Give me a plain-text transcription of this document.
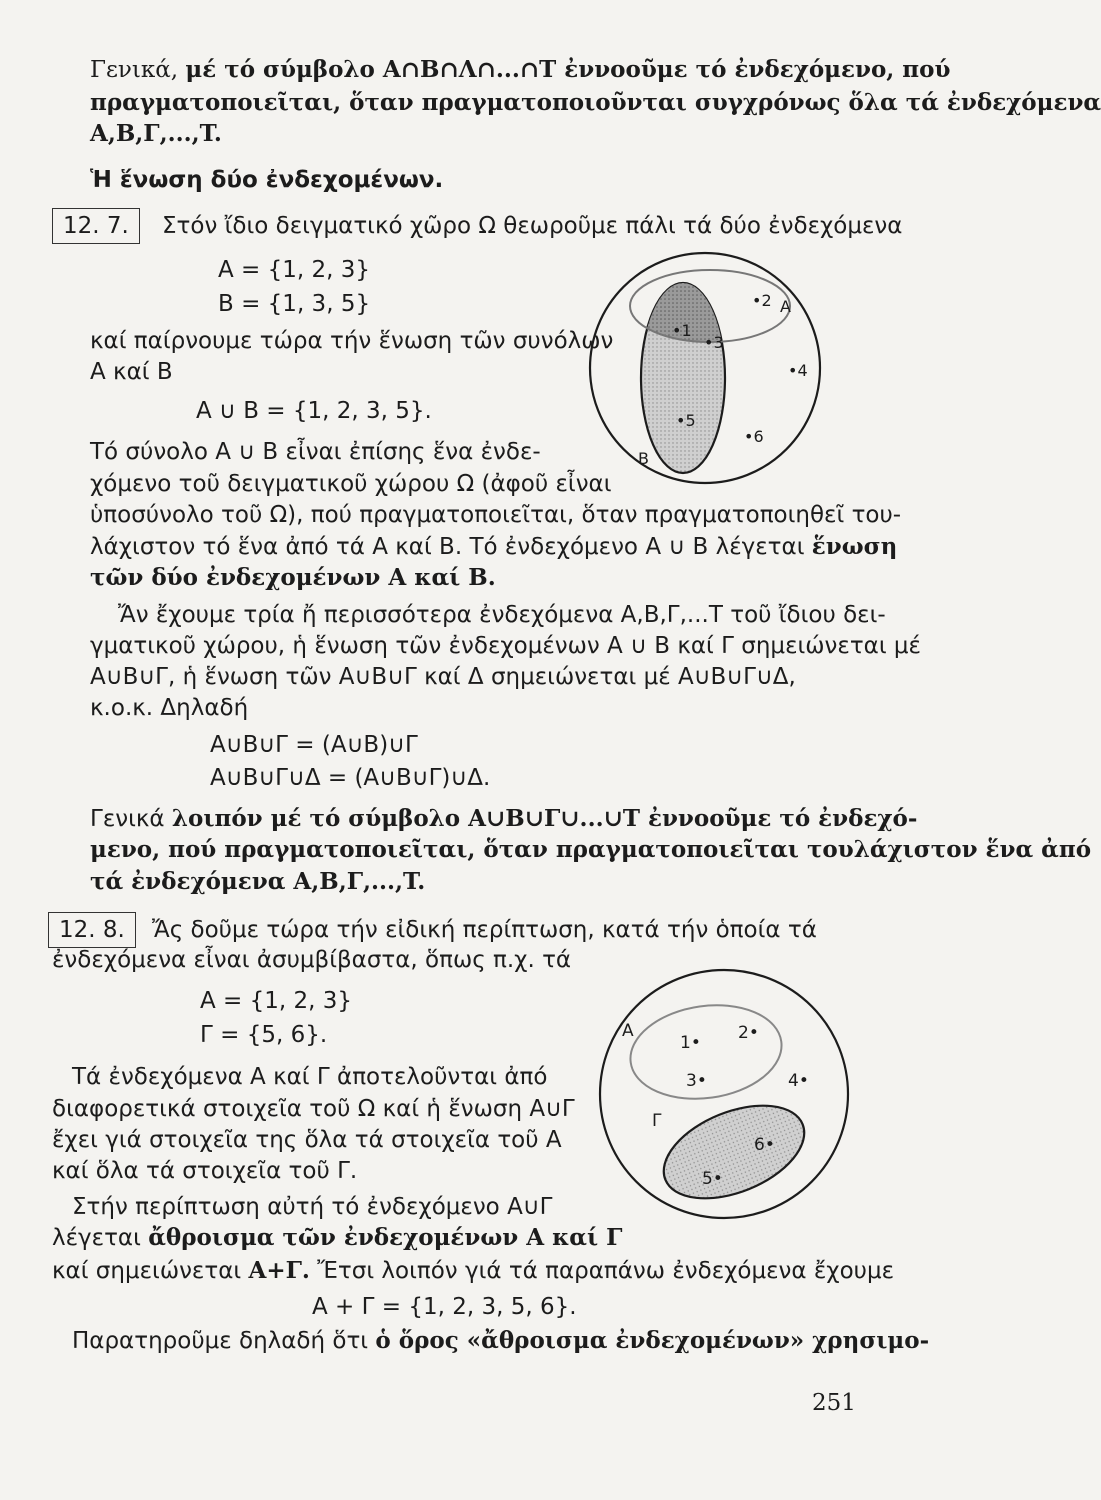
Γενικά, μέ τό σύμβολο A∩B∩Λ∩...∩T ἐννοοῦμε τό ἐνδεχόμενο, πού
πραγματοποιεῖται, ὅταν πραγματοποιοῦνται συγχρόνως ὅλα τά ἐνδεχόμενα
A,B,Γ,...,T.
Ἡ ἕνωση δύο ἐνδεχομένων.
12. 7.	Στόν ἴδιο δειγματικό χῶρο Ω θεωροῦμε πάλι τά δύο ἐνδεχόμενα
A = {1, 2, 3}
B = {1, 3, 5}
καί παίρνουμε τώρα τήν ἕνωση τῶν συνόλων
A καί B
A ∪ B = {1, 2, 3, 5}.
Τό σύνολο A ∪ B εἶναι ἐπίσης ἕνα ἐνδε-
χόμενο τοῦ δειγματικοῦ χώρου Ω (ἀφοῦ εἶναι
ὑποσύνολο τοῦ Ω), πού πραγματοποιεῖται, ὅταν πραγματοποιηθεῖ του-
λάχιστον τό ἕνα ἀπό τά A καί B. Τό ἐνδεχόμενο A ∪ B λέγεται ἕνωση
τῶν δύο ἐνδεχομένων A καί B.
Ἄν ἔχουμε τρία ἤ περισσότερα ἐνδεχόμενα A,B,Γ,...T τοῦ ἴδιου δει-
γματικοῦ χώρου, ἡ ἕνωση τῶν ἐνδεχομένων A ∪ B καί Γ σημειώνεται μέ
A∪B∪Γ, ἡ ἕνωση τῶν A∪B∪Γ καί Δ σημειώνεται μέ A∪B∪Γ∪Δ,
κ.ο.κ. Δηλαδή
A∪B∪Γ = (A∪B)∪Γ
A∪B∪Γ∪Δ = (A∪B∪Γ)∪Δ.
Γενικά λοιπόν μέ τό σύμβολο A∪B∪Γ∪...∪T ἐννοοῦμε τό ἐνδεχό-
μενο, πού πραγματοποιεῖται, ὅταν πραγματοποιεῖται τουλάχιστον ἕνα ἀπό
τά ἐνδεχόμενα A,B,Γ,...,T.
A
B
•1
•3
•2
•4
•5
•6
12. 8.	Ἄς δοῦμε τώρα τήν εἰδική περίπτωση, κατά τήν ὁποία τά
ἐνδεχόμενα εἶναι ἀσυμβίβαστα, ὅπως π.χ. τά
A = {1, 2, 3}
Γ = {5, 6}.
Τά ἐνδεχόμενα A καί Γ ἀποτελοῦνται ἀπό
διαφορετικά στοιχεῖα τοῦ Ω καί ἡ ἕνωση A∪Γ
ἔχει γιά στοιχεῖα της ὅλα τά στοιχεῖα τοῦ A
καί ὅλα τά στοιχεῖα τοῦ Γ.
Στήν περίπτωση αὐτή τό ἐνδεχόμενο A∪Γ
λέγεται ἄθροισμα τῶν ἐνδεχομένων A καί Γ
καί σημειώνεται A+Γ. Ἔτσι λοιπόν γιά τά παραπάνω ἐνδεχόμενα ἔχουμε
A + Γ = {1, 2, 3, 5, 6}.
Παρατηροῦμε δηλαδή ὅτι ὁ ὅρος «ἄθροισμα ἐνδεχομένων» χρησιμο-
A
Γ
1• 2•
3•	4•
5•
6•
251
